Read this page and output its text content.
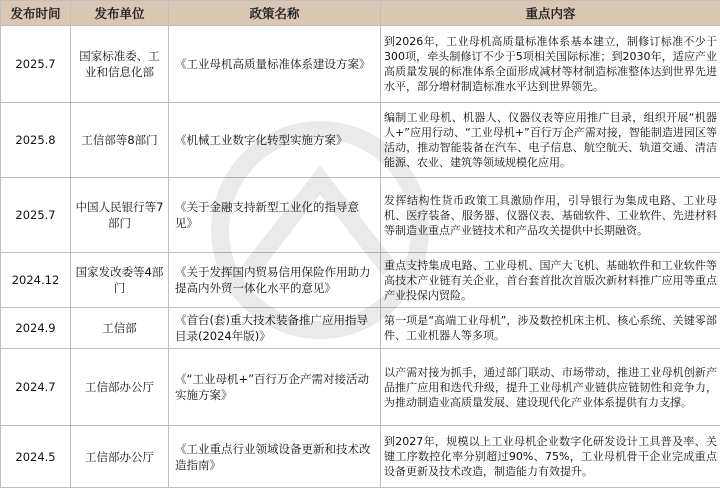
发布时间	发布单位	政策名称	重点内容
2025.7	国家标准委、工业和信息化部	《工业母机高质量标准体系建设方案》	到2026年，工业母机高质量标准体系基本建立，制修订标准不少于300项，牵头制修订不少于5项相关国际标准；到2030年，适应产业高质量发展的标准体系全面形成减材等材制造标准整体达到世界先进水平，部分增材制造标准水平达到世界领先。
2025.8	工信部等8部门	《机械工业数字化转型实施方案》	编制工业母机、机器人、仪器仪表等应用推广目录，组织开展“机器人+”应用行动、“工业母机+”百行万企产需对接，智能制造进园区等活动，推动智能装备在汽车、电子信息、航空航天、轨道交通、清洁能源、农业、建筑等领域规模化应用。
2025.7	中国人民银行等7部门	《关于金融支持新型工业化的指导意见》	发挥结构性货币政策工具激励作用，引导银行为集成电路、工业母机、医疗装备、服务器、仪器仪表、基础软件、工业软件、先进材料等制造业重点产业链技术和产品攻关提供中长期融资。
2024.12	国家发改委等4部门	《关于发挥国内贸易信用保险作用助力提高内外贸一体化水平的意见》	重点支持集成电路、工业母机、国产大飞机、基础软件和工业软件等高技术产业链有关企业，首台套首批次首版次新材料推广应用等重点产业投保内贸险。
2024.9	工信部	《首台(套)重大技术装备推广应用指导目录(2024年版)》	第一项是“高端工业母机”，涉及数控机床主机、核心系统、关键零部件、工业机器人等多项。
2024.7	工信部办公厅	《“工业母机+”百行万企产需对接活动实施方案》	以产需对接为抓手，通过部门联动、市场带动，推进工业母机创新产品推广应用和迭代升级，提升工业母机产业链供应链韧性和竞争力，为推动制造业高质量发展、建设现代化产业体系提供有力支撑。
2024.5	工信部办公厅	《工业重点行业领域设备更新和技术改造指南》	到2027年，规模以上工业母机企业数字化研发设计工具普及率、关键工序数控化率分别超过90%、75%，工业母机骨干企业完成重点设备更新及技术改造，制造能力有效提升。
